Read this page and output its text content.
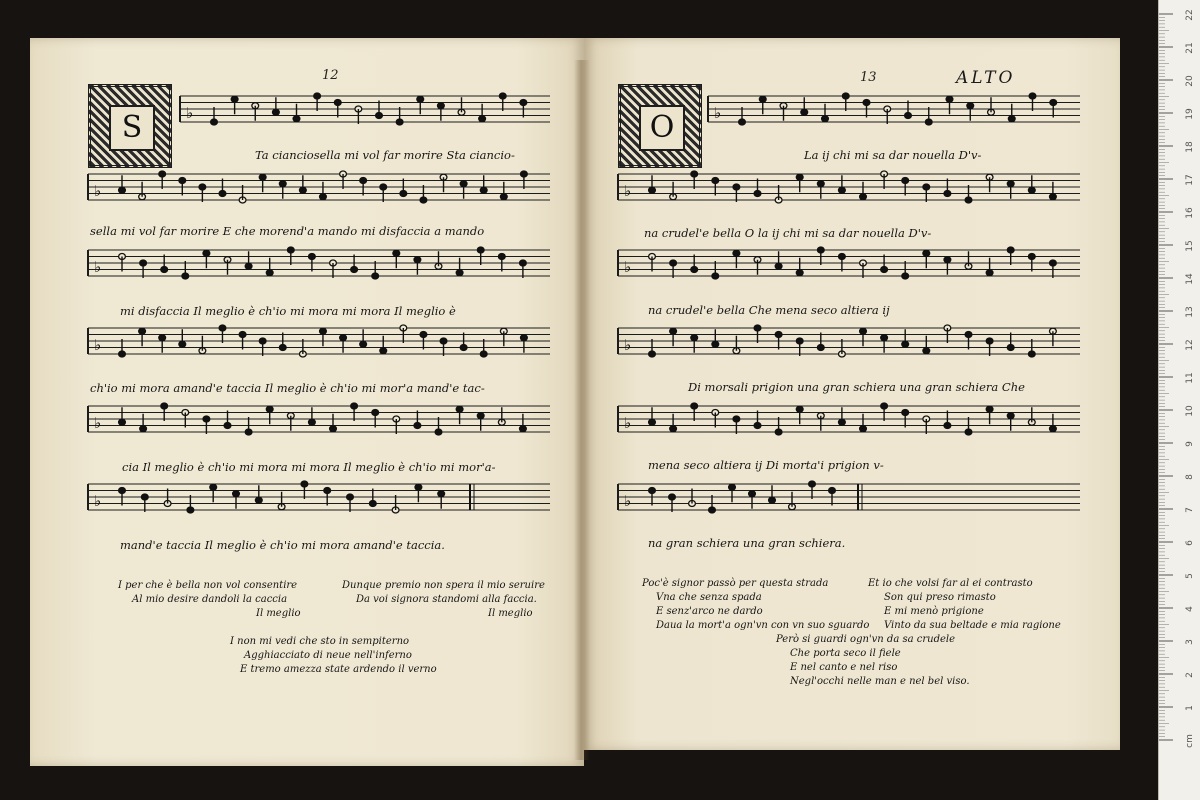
12
S	♭
♭
♭
♭
♭
♭
Ta cianciosella mi vol far morire Sta ciancio-
sella mi vol far morire E che morend'a mando mi disfaccia a mando
mi disfaccia Il meglio è ch'io mi mora mi mora Il meglio è
ch'io mi mora amand'e taccia Il meglio è ch'io mi mor'a mand'e tac-
cia Il meglio è ch'io mi mora mi mora Il meglio è ch'io mi mor'a-
mand'e taccia Il meglio è ch'io mi mora amand'e taccia.
I per che è bella non vol consentire
Al mio desire dandoli la caccia
Il meglio
Dunque premio non spera il mio seruire
Da voi signora standomi alla faccia.
Il meglio
I non mi vedi che sto in sempiterno
Agghiacciato di neue nell'inferno
E tremo amezza state ardendo il verno
13	ALTO
O	♭
♭
♭
♭
♭
♭
La ij chi mi sa dar nouella D'v-
na crudel'e bella O la ij chi mi sa dar nouella D'v-
na crudel'e bella Che mena seco altiera ij
Di morsali prigion una gran schiera una gran schiera Che
mena seco altiera ij Di morta'i prigion v-
na gran schiera una gran schiera.
Poc'è signor passò per questa strada
Vna che senza spada
E senz'arco ne dardo
Daua la mort'a ogn'vn con vn suo sguardo
Et io che volsi far al ei contrasto
Son qui preso rimasto
E mi menò prigione
Vinto da sua beltade e mia ragione
Però si guardi ogn'vn da sa crudele
Che porta seco il fiele
E nel canto e nel riso
Negl'occhi nelle man e nel bel viso.
22
21
20
19
18
17
16
15
14
13
12
11
10
9
8
7
6
5
4
3
2
1
cm
